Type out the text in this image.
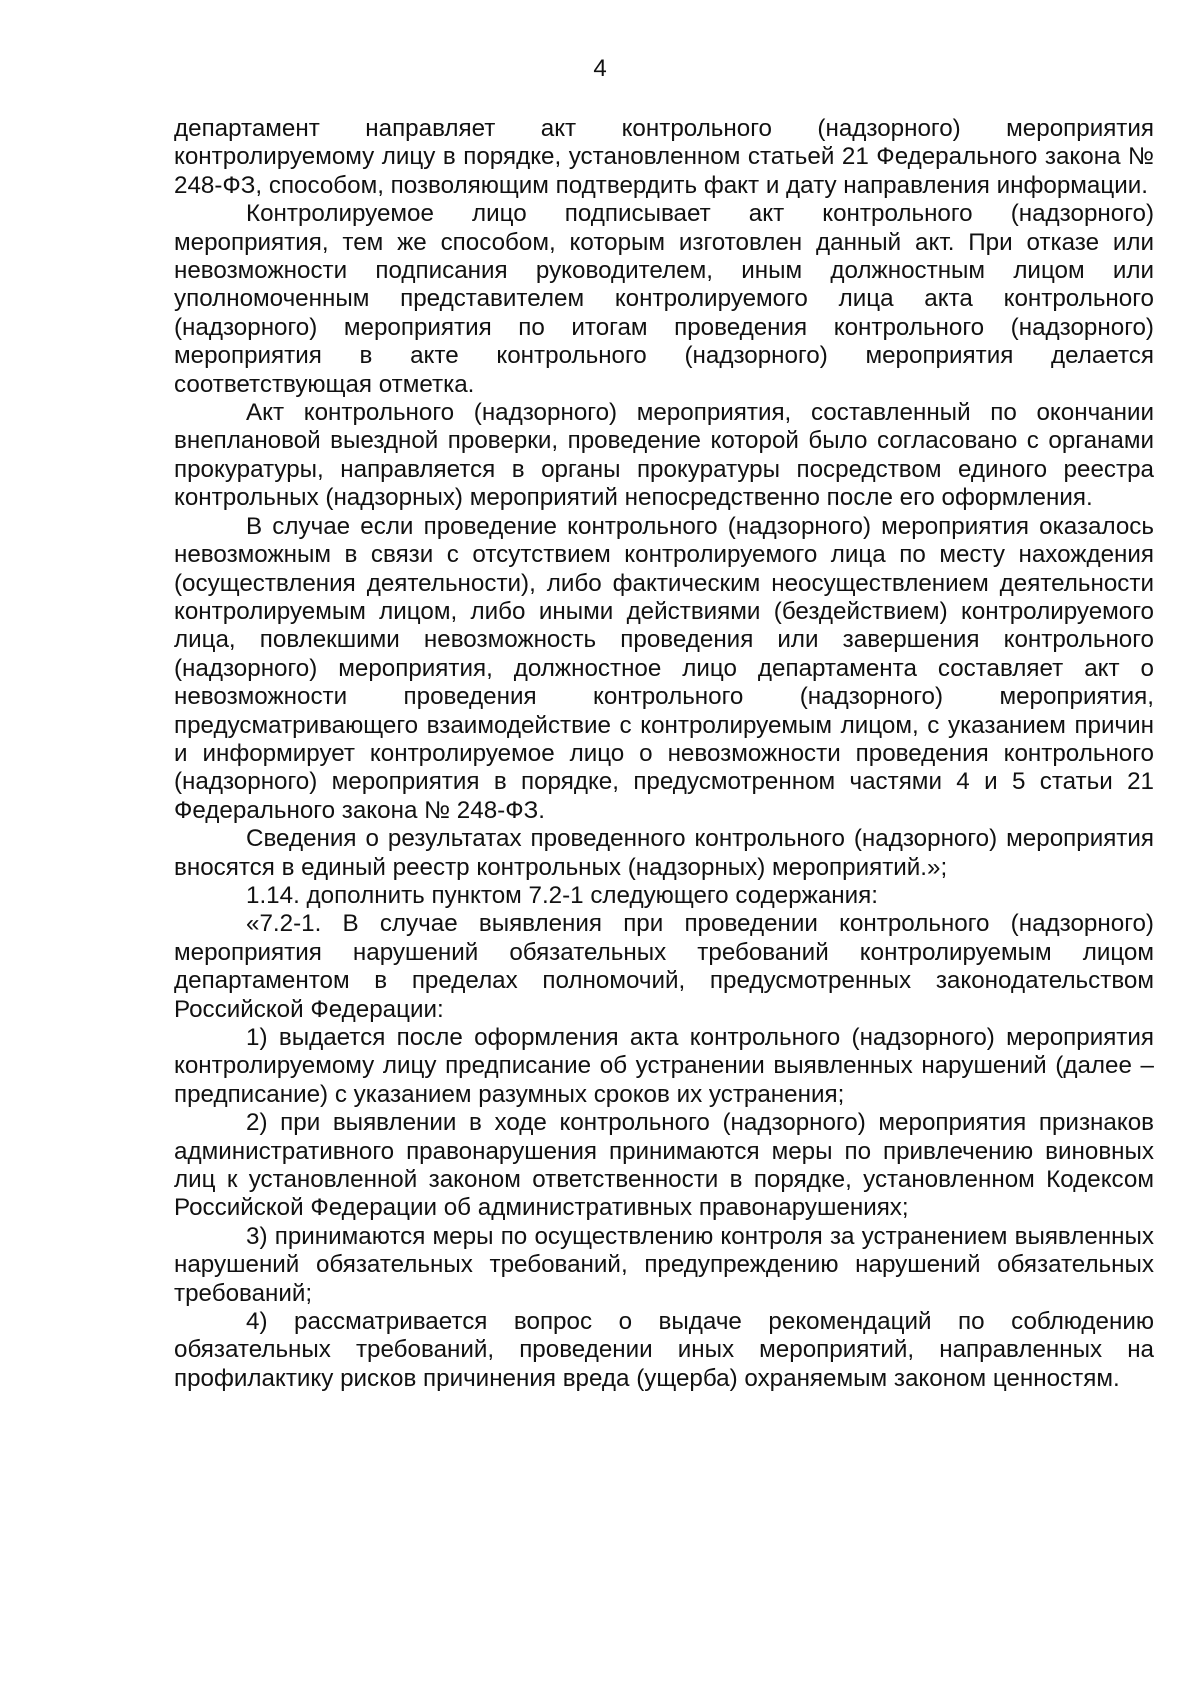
4

департамент направляет акт контрольного (надзорного) мероприятия контролируемому лицу в порядке, установленном статьей 21 Федерального закона № 248-ФЗ, способом, позволяющим подтвердить факт и дату направления информации.

Контролируемое лицо подписывает акт контрольного (надзорного) мероприятия, тем же способом, которым изготовлен данный акт. При отказе или невозможности подписания руководителем, иным должностным лицом или уполномоченным представителем контролируемого лица акта контрольного (надзорного) мероприятия по итогам проведения контрольного (надзорного) мероприятия в акте контрольного (надзорного) мероприятия делается соответствующая отметка.

Акт контрольного (надзорного) мероприятия, составленный по окончании внеплановой выездной проверки, проведение которой было согласовано с органами прокуратуры, направляется в органы прокуратуры посредством единого реестра контрольных (надзорных) мероприятий непосредственно после его оформления.

В случае если проведение контрольного (надзорного) мероприятия оказалось невозможным в связи с отсутствием контролируемого лица по месту нахождения (осуществления деятельности), либо фактическим неосуществлением деятельности контролируемым лицом, либо иными действиями (бездействием) контролируемого лица, повлекшими невозможность проведения или завершения контрольного (надзорного) мероприятия, должностное лицо департамента составляет акт о невозможности проведения контрольного (надзорного) мероприятия, предусматривающего взаимодействие с контролируемым лицом, с указанием причин и информирует контролируемое лицо о невозможности проведения контрольного (надзорного) мероприятия в порядке, предусмотренном частями 4 и 5 статьи 21 Федерального закона № 248-ФЗ.

Сведения о результатах проведенного контрольного (надзорного) мероприятия вносятся в единый реестр контрольных (надзорных) мероприятий.»;

1.14. дополнить пунктом 7.2-1 следующего содержания:

«7.2-1. В случае выявления при проведении контрольного (надзорного) мероприятия нарушений обязательных требований контролируемым лицом департаментом в пределах полномочий, предусмотренных законодательством Российской Федерации:

1) выдается после оформления акта контрольного (надзорного) мероприятия контролируемому лицу предписание об устранении выявленных нарушений (далее – предписание) с указанием разумных сроков их устранения;

2) при выявлении в ходе контрольного (надзорного) мероприятия признаков административного правонарушения принимаются меры по привлечению виновных лиц к установленной законом ответственности в порядке, установленном Кодексом Российской Федерации об административных правонарушениях;

3) принимаются меры по осуществлению контроля за устранением выявленных нарушений обязательных требований, предупреждению нарушений обязательных требований;

4) рассматривается вопрос о выдаче рекомендаций по соблюдению обязательных требований, проведении иных мероприятий, направленных на профилактику рисков причинения вреда (ущерба) охраняемым законом ценностям.
